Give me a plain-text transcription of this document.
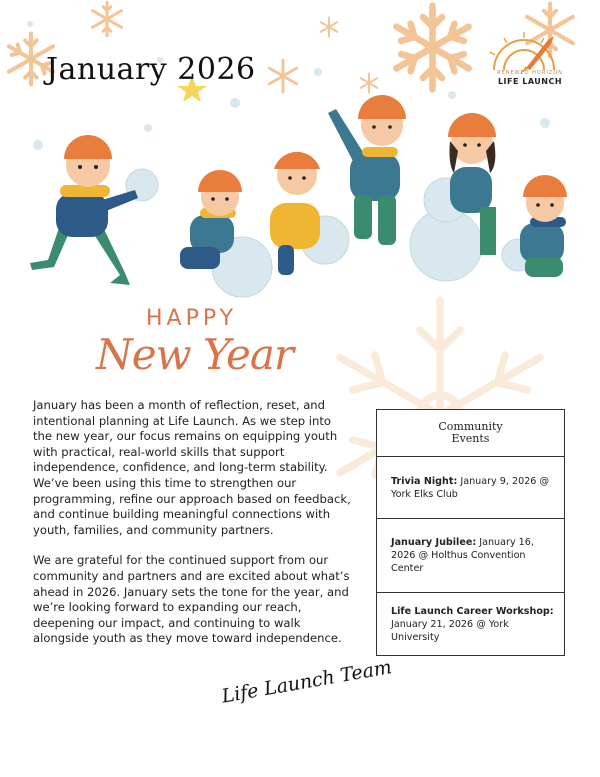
January 2026	RENEWED HORIZON
LIFE LAUNCH
HAPPY
New Year

January has been a month of reflection, reset, and intentional planning at Life Launch. As we step into the new year, our focus remains on equipping youth with practical, real-world skills that support independence, confidence, and long-term stability. We’ve been using this time to strengthen our programming, refine our approach based on feedback, and continue building meaningful connections with youth, families, and community partners.

We are grateful for the continued support from our community and partners and are excited about what’s ahead in 2026. January sets the tone for the year, and we’re looking forward to expanding our reach, deepening our impact, and continuing to walk alongside youth as they move toward independence.

Community
Events
Trivia Night: January 9, 2026 @ York Elks Club
January Jubilee: January 16, 2026 @ Holthus Convention Center
Life Launch Career Workshop: January 21, 2026 @ York University
Life Launch Team
